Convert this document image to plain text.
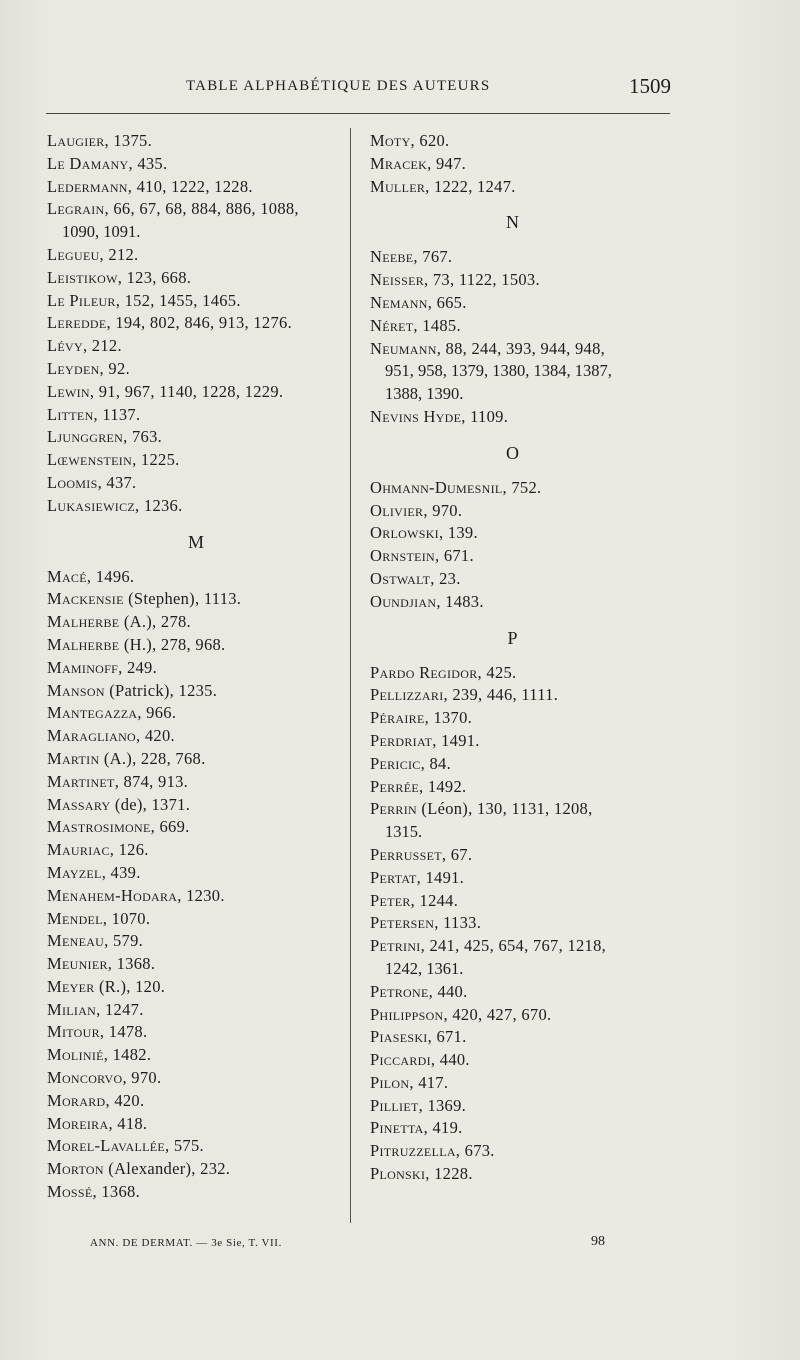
TABLE ALPHABÉTIQUE DES AUTEURS	1509
Laugier, 1375.
Le Damany, 435.
Ledermann, 410, 1222, 1228.
Legrain, 66, 67, 68, 884, 886, 1088,
1090, 1091.
Legueu, 212.
Leistikow, 123, 668.
Le Pileur, 152, 1455, 1465.
Leredde, 194, 802, 846, 913, 1276.
Lévy, 212.
Leyden, 92.
Lewin, 91, 967, 1140, 1228, 1229.
Litten, 1137.
Ljunggren, 763.
Lœwenstein, 1225.
Loomis, 437.
Lukasiewicz, 1236.
M
Macé, 1496.
Mackensie (Stephen), 1113.
Malherbe (A.), 278.
Malherbe (H.), 278, 968.
Maminoff, 249.
Manson (Patrick), 1235.
Mantegazza, 966.
Maragliano, 420.
Martin (A.), 228, 768.
Martinet, 874, 913.
Massary (de), 1371.
Mastrosimone, 669.
Mauriac, 126.
Mayzel, 439.
Menahem-Hodara, 1230.
Mendel, 1070.
Meneau, 579.
Meunier, 1368.
Meyer (R.), 120.
Milian, 1247.
Mitour, 1478.
Molinié, 1482.
Moncorvo, 970.
Morard, 420.
Moreira, 418.
Morel-Lavallée, 575.
Morton (Alexander), 232.
Mossé, 1368.
Moty, 620.
Mracek, 947.
Muller, 1222, 1247.
N
Neebe, 767.
Neisser, 73, 1122, 1503.
Nemann, 665.
Néret, 1485.
Neumann, 88, 244, 393, 944, 948,
951, 958, 1379, 1380, 1384, 1387,
1388, 1390.
Nevins Hyde, 1109.
O
Ohmann-Dumesnil, 752.
Olivier, 970.
Orlowski, 139.
Ornstein, 671.
Ostwalt, 23.
Oundjian, 1483.
P
Pardo Regidor, 425.
Pellizzari, 239, 446, 1111.
Péraire, 1370.
Perdriat, 1491.
Pericic, 84.
Perrée, 1492.
Perrin (Léon), 130, 1131, 1208,
1315.
Perrusset, 67.
Pertat, 1491.
Peter, 1244.
Petersen, 1133.
Petrini, 241, 425, 654, 767, 1218,
1242, 1361.
Petrone, 440.
Philippson, 420, 427, 670.
Piaseski, 671.
Piccardi, 440.
Pilon, 417.
Pilliet, 1369.
Pinetta, 419.
Pitruzzella, 673.
Plonski, 1228.
ANN. DE DERMAT. — 3e Sie, T. VII.	98
